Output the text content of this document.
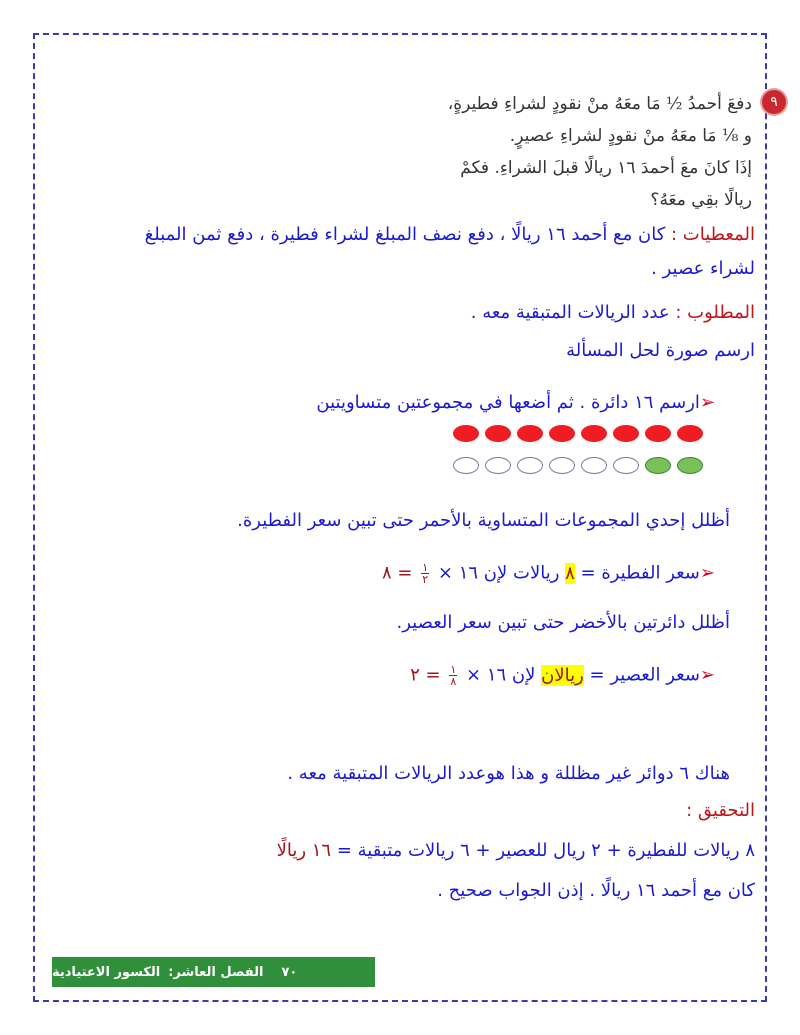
٩

دفعَ أحمدُ ½ مَا معَهُ منْ نقودٍ لشراءِ فطيرةٍ،

و ⅛ مَا معَهُ منْ نقودٍ لشراءِ عصيرٍ.

إذَا كانَ معَ أحمدَ ١٦ ريالًا قبلَ الشراءِ. فكمْ

ريالًا بقِي معَهُ؟

المعطيات : كان مع أحمد ١٦ ريالًا ، دفع نصف المبلغ لشراء فطيرة ، دفع ثمن المبلغ
لشراء عصير .
المطلوب : عدد الريالات المتبقية معه .
ارسم صورة لحل المسألة
➢ارسم ١٦ دائرة . ثم أضعها في مجموعتين متساويتين
أظلل إحدي المجموعات المتساوية بالأحمر حتى تبين سعر الفطيرة.
➢سعر الفطيرة = ٨ ريالات لإن ١٦ ×
$\frac{١}{٢}$
= ٨
أظلل دائرتين بالأخضر حتى تبين سعر العصير.
➢سعر العصير = ريالان لإن ١٦ ×
$\frac{١}{٨}$
= ٢
هناك ٦ دوائر غير مظللة و هذا هوعدد الريالات المتبقية معه .
التحقيق :
٨ ريالات للفطيرة + ٢ ريال للعصير + ٦ ريالات متبقية = ١٦ ريالًا
كان مع أحمد ١٦ ريالًا . إذن الجواب صحيح .
٧٠
الفصل العاشر:
الكسور الاعتيادية
